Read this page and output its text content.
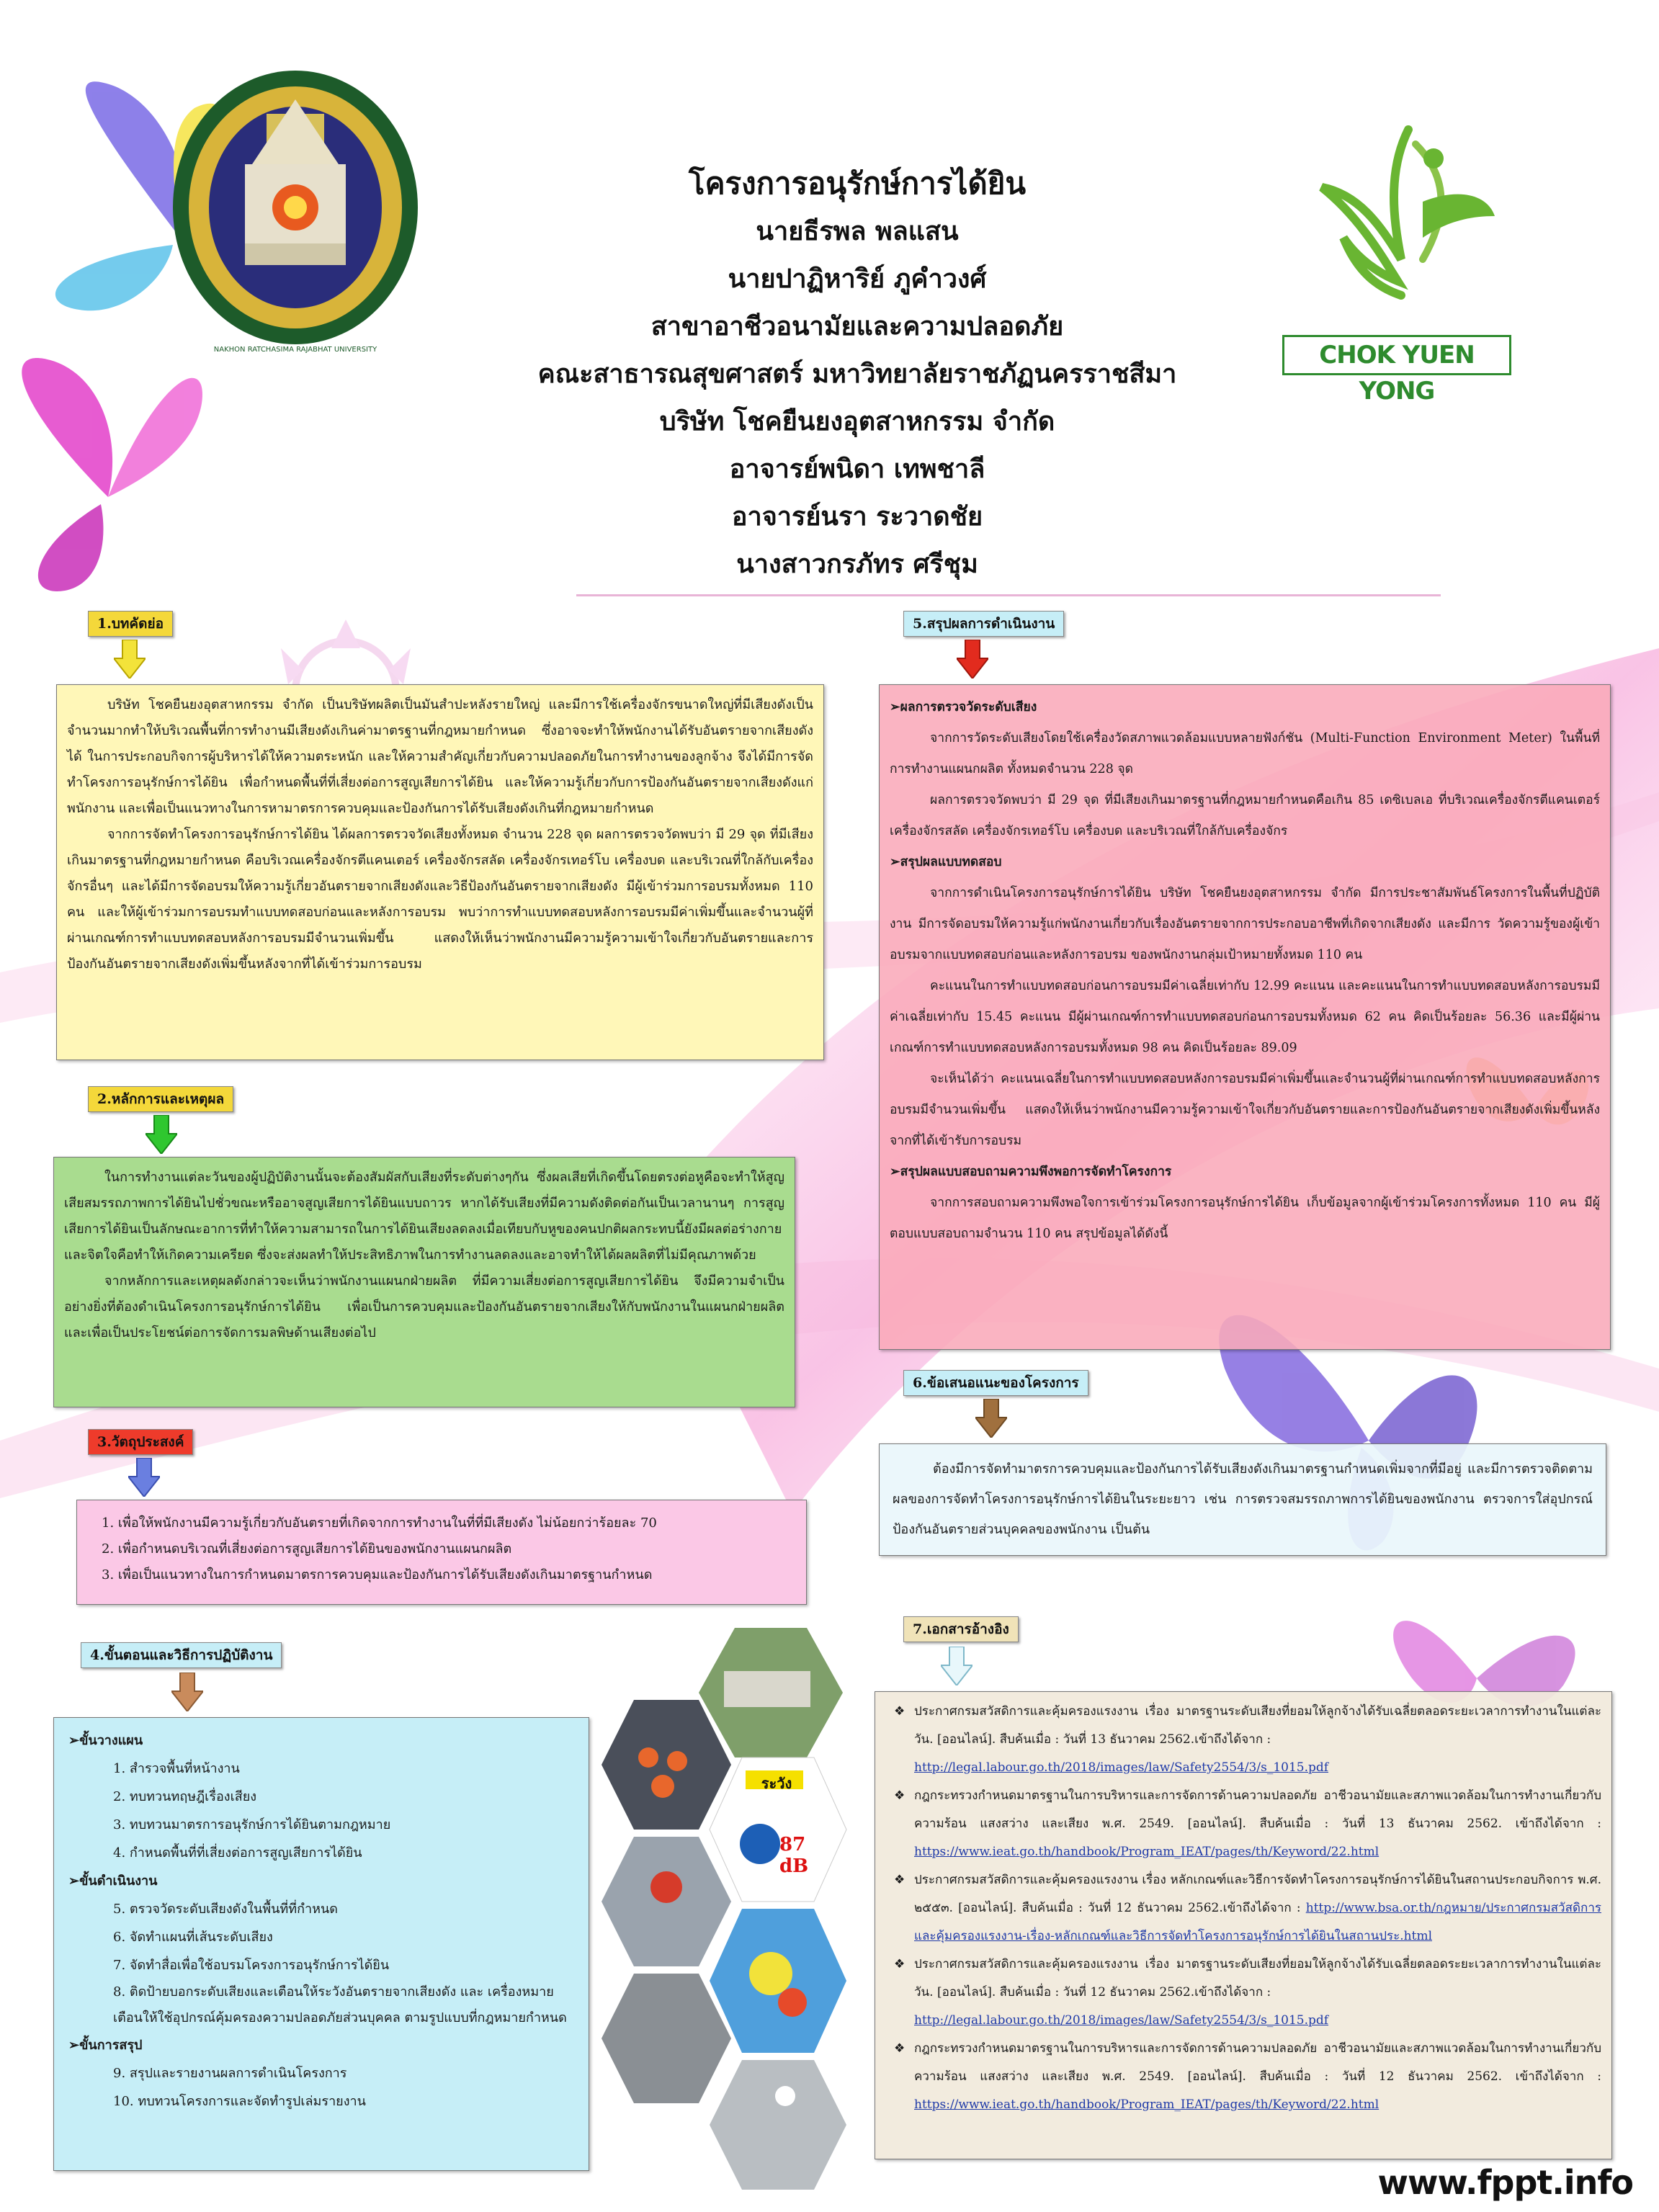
NAKHON RATCHASIMA RAJABHAT UNIVERSITY	CHOK YUEN YONG
โครงการอนุรักษ์การได้ยิน
นายธีรพล พลแสน
นายปาฏิหาริย์ ภูคำวงศ์
สาขาอาชีวอนามัยและความปลอดภัย
คณะสาธารณสุขศาสตร์ มหาวิทยาลัยราชภัฏนครราชสีมา
บริษัท โชคยืนยงอุตสาหกรรม จำกัด
อาจารย์พนิดา เทพชาลี
อาจารย์นรา ระวาดชัย
นางสาวกรภัทร ศรีชุม
1.บทคัดย่อ

บริษัท โชคยืนยงอุตสาหกรรม จำกัด เป็นบริษัทผลิตเป็นมันสำปะหลังรายใหญ่ และมีการใช้เครื่องจักรขนาดใหญ่ที่มีเสียงดังเป็นจำนวนมากทำให้บริเวณพื้นที่การทำงานมีเสียงดังเกินค่ามาตรฐานที่กฎหมายกำหนด ซึ่งอาจจะทำให้พนักงานได้รับอันตรายจากเสียงดังได้ ในการประกอบกิจการผู้บริหารได้ให้ความตระหนัก และให้ความสำคัญเกี่ยวกับความปลอดภัยในการทำงานของลูกจ้าง จึงได้มีการจัดทำโครงการอนุรักษ์การได้ยิน เพื่อกำหนดพื้นที่ที่เสี่ยงต่อการสูญเสียการได้ยิน และให้ความรู้เกี่ยวกับการป้องกันอันตรายจากเสียงดังแก่พนักงาน และเพื่อเป็นแนวทางในการหามาตรการควบคุมและป้องกันการได้รับเสียงดังเกินที่กฎหมายกำหนด

จากการจัดทำโครงการอนุรักษ์การได้ยิน ได้ผลการตรวจวัดเสียงทั้งหมด จำนวน 228 จุด ผลการตรวจวัดพบว่า มี 29 จุด ที่มีเสียงเกินมาตรฐานที่กฎหมายกำหนด คือบริเวณเครื่องจักรตีแคนเตอร์ เครื่องจักรสลัด เครื่องจักรเทอร์โบ เครื่องบด และบริเวณที่ใกล้กับเครื่องจักรอื่นๆ และได้มีการจัดอบรมให้ความรู้เกี่ยวอันตรายจากเสียงดังและวิธีป้องกันอันตรายจากเสียงดัง มีผู้เข้าร่วมการอบรมทั้งหมด 110 คน และให้ผู้เข้าร่วมการอบรมทำแบบทดสอบก่อนและหลังการอบรม พบว่าการทำแบบทดสอบหลังการอบรมมีค่าเพิ่มขึ้นและจำนวนผู้ที่ผ่านเกณฑ์การทำแบบทดสอบหลังการอบรมมีจำนวนเพิ่มขึ้น แสดงให้เห็นว่าพนักงานมีความรู้ความเข้าใจเกี่ยวกับอันตรายและการป้องกันอันตรายจากเสียงดังเพิ่มขึ้นหลังจากที่ได้เข้าร่วมการอบรม

2.หลักการและเหตุผล

ในการทำงานแต่ละวันของผู้ปฏิบัติงานนั้นจะต้องสัมผัสกับเสียงที่ระดับต่างๆกัน ซึ่งผลเสียที่เกิดขึ้นโดยตรงต่อหูคือจะทำให้สูญเสียสมรรถภาพการได้ยินไปชั่วขณะหรืออาจสูญเสียการได้ยินแบบถาวร หากได้รับเสียงที่มีความดังติดต่อกันเป็นเวลานานๆ การสูญเสียการได้ยินเป็นลักษณะอาการที่ทำให้ความสามารถในการได้ยินเสียงลดลงเมื่อเทียบกับหูของคนปกติผลกระทบนี้ยังมีผลต่อร่างกายและจิตใจคือทำให้เกิดความเครียด ซึ่งจะส่งผลทำให้ประสิทธิภาพในการทำงานลดลงและอาจทำให้ได้ผลผลิตที่ไม่มีคุณภาพด้วย

จากหลักการและเหตุผลดังกล่าวจะเห็นว่าพนักงานแผนกฝ่ายผลิต ที่มีความเสี่ยงต่อการสูญเสียการได้ยิน จึงมีความจำเป็นอย่างยิ่งที่ต้องดำเนินโครงการอนุรักษ์การได้ยิน เพื่อเป็นการควบคุมและป้องกันอันตรายจากเสียงให้กับพนักงานในแผนกฝ่ายผลิต และเพื่อเป็นประโยชน์ต่อการจัดการมลพิษด้านเสียงต่อไป

3.วัตถุประสงค์
1. เพื่อให้พนักงานมีความรู้เกี่ยวกับอันตรายที่เกิดจากการทำงานในที่ที่มีเสียงดัง ไม่น้อยกว่าร้อยละ 70
2. เพื่อกำหนดบริเวณที่เสี่ยงต่อการสูญเสียการได้ยินของพนักงานแผนกผลิต
3. เพื่อเป็นแนวทางในการกำหนดมาตรการควบคุมและป้องกันการได้รับเสียงดังเกินมาตรฐานกำหนด
4.ขั้นตอนและวิธีการปฏิบัติงาน
➢ ขั้นวางแผน
1. สำรวจพื้นที่หน้างาน
2. ทบทวนทฤษฎีเรื่องเสียง
3. ทบทวนมาตรการอนุรักษ์การได้ยินตามกฎหมาย
4. กำหนดพื้นที่ที่เสี่ยงต่อการสูญเสียการได้ยิน
➢ ขั้นดำเนินงาน
5. ตรวจวัดระดับเสียงดังในพื้นที่ที่กำหนด
6. จัดทำแผนที่เส้นระดับเสียง
7. จัดทำสื่อเพื่อใช้อบรมโครงการอนุรักษ์การได้ยิน
8. ติดป้ายบอกระดับเสียงและเตือนให้ระวังอันตรายจากเสียงดัง และ เครื่องหมายเตือนให้ใช้อุปกรณ์คุ้มครองความปลอดภัยส่วนบุคคล ตามรูปแบบที่กฎหมายกำหนด
➢ ขั้นการสรุป
9. สรุปและรายงานผลการดำเนินโครงการ
10. ทบทวนโครงการและจัดทำรูปเล่มรายงาน
ระวัง
87 dB
5.สรุปผลการดำเนินงาน

➢ ผลการตรวจวัดระดับเสียง

จากการวัดระดับเสียงโดยใช้เครื่องวัดสภาพแวดล้อมแบบหลายฟังก์ชัน (Multi-Function Environment Meter) ในพื้นที่การทำงานแผนกผลิต ทั้งหมดจำนวน 228 จุด

ผลการตรวจวัดพบว่า มี 29 จุด ที่มีเสียงเกินมาตรฐานที่กฎหมายกำหนดคือเกิน 85 เดซิเบลเอ ที่บริเวณเครื่องจักรตีแคนเตอร์ เครื่องจักรสลัด เครื่องจักรเทอร์โบ เครื่องบด และบริเวณที่ใกล้กับเครื่องจักร

➢ สรุปผลแบบทดสอบ

จากการดำเนินโครงการอนุรักษ์การได้ยิน บริษัท โชคยืนยงอุตสาหกรรม จำกัด มีการประชาสัมพันธ์โครงการในพื้นที่ปฏิบัติงาน มีการจัดอบรมให้ความรู้แก่พนักงานเกี่ยวกับเรื่องอันตรายจากการประกอบอาชีพที่เกิดจากเสียงดัง และมีการ วัดความรู้ของผู้เข้าอบรมจากแบบทดสอบก่อนและหลังการอบรม ของพนักงานกลุ่มเป้าหมายทั้งหมด 110 คน

คะแนนในการทำแบบทดสอบก่อนการอบรมมีค่าเฉลี่ยเท่ากับ 12.99 คะแนน และคะแนนในการทำแบบทดสอบหลังการอบรมมีค่าเฉลี่ยเท่ากับ 15.45 คะแนน มีผู้ผ่านเกณฑ์การทำแบบทดสอบก่อนการอบรมทั้งหมด 62 คน คิดเป็นร้อยละ 56.36 และมีผู้ผ่านเกณฑ์การทำแบบทดสอบหลังการอบรมทั้งหมด 98 คน คิดเป็นร้อยละ 89.09

จะเห็นได้ว่า คะแนนเฉลี่ยในการทำแบบทดสอบหลังการอบรมมีค่าเพิ่มขึ้นและจำนวนผู้ที่ผ่านเกณฑ์การทำแบบทดสอบหลังการอบรมมีจำนวนเพิ่มขึ้น แสดงให้เห็นว่าพนักงานมีความรู้ความเข้าใจเกี่ยวกับอันตรายและการป้องกันอันตรายจากเสียงดังเพิ่มขึ้นหลังจากที่ได้เข้ารับการอบรม

➢ สรุปผลแบบสอบถามความพึงพอการจัดทำโครงการ

จากการสอบถามความพึงพอใจการเข้าร่วมโครงการอนุรักษ์การได้ยิน เก็บข้อมูลจากผู้เข้าร่วมโครงการทั้งหมด 110 คน มีผู้ตอบแบบสอบถามจำนวน 110 คน สรุปข้อมูลได้ดังนี้

6.ข้อเสนอแนะของโครงการ

ต้องมีการจัดทำมาตรการควบคุมและป้องกันการได้รับเสียงดังเกินมาตรฐานกำหนดเพิ่มจากที่มีอยู่ และมีการตรวจติดตามผลของการจัดทำโครงการอนุรักษ์การได้ยินในระยะยาว เช่น การตรวจสมรรถภาพการได้ยินของพนักงาน ตรวจการใส่อุปกรณ์ป้องกันอันตรายส่วนบุคคลของพนักงาน เป็นต้น

7.เอกสารอ้างอิง

❖ ประกาศกรมสวัสดิการและคุ้มครองแรงงาน เรื่อง มาตรฐานระดับเสียงที่ยอมให้ลูกจ้างได้รับเฉลี่ยตลอดระยะเวลาการทำงานในแต่ละวัน. [ออนไลน์]. สืบค้นเมื่อ : วันที่ 13 ธันวาคม 2562.เข้าถึงได้จาก :
http://legal.labour.go.th/2018/images/law/Safety2554/3/s_1015.pdf

❖ กฎกระทรวงกำหนดมาตรฐานในการบริหารและการจัดการด้านความปลอดภัย อาชีวอนามัยและสภาพแวดล้อมในการทำงานเกี่ยวกับความร้อน แสงสว่าง และเสียง พ.ศ. 2549. [ออนไลน์]. สืบค้นเมื่อ : วันที่ 13 ธันวาคม 2562. เข้าถึงได้จาก : https://www.ieat.go.th/handbook/Program_IEAT/pages/th/Keyword/22.html

❖ ประกาศกรมสวัสดิการและคุ้มครองแรงงาน เรื่อง หลักเกณฑ์และวิธีการจัดทำโครงการอนุรักษ์การได้ยินในสถานประกอบกิจการ พ.ศ. ๒๕๕๓. [ออนไลน์]. สืบค้นเมื่อ : วันที่ 12 ธันวาคม 2562.เข้าถึงได้จาก : http://www.bsa.or.th/กฎหมาย/ประกาศกรมสวัสดิการและคุ้มครองแรงงาน-เรื่อง-หลักเกณฑ์และวิธีการจัดทำโครงการอนุรักษ์การได้ยินในสถานประ.html

❖ ประกาศกรมสวัสดิการและคุ้มครองแรงงาน เรื่อง มาตรฐานระดับเสียงที่ยอมให้ลูกจ้างได้รับเฉลี่ยตลอดระยะเวลาการทำงานในแต่ละวัน. [ออนไลน์]. สืบค้นเมื่อ : วันที่ 12 ธันวาคม 2562.เข้าถึงได้จาก :
http://legal.labour.go.th/2018/images/law/Safety2554/3/s_1015.pdf

❖ กฎกระทรวงกำหนดมาตรฐานในการบริหารและการจัดการด้านความปลอดภัย อาชีวอนามัยและสภาพแวดล้อมในการทำงานเกี่ยวกับความร้อน แสงสว่าง และเสียง พ.ศ. 2549. [ออนไลน์]. สืบค้นเมื่อ : วันที่ 12 ธันวาคม 2562. เข้าถึงได้จาก : https://www.ieat.go.th/handbook/Program_IEAT/pages/th/Keyword/22.html

www.fppt.info
